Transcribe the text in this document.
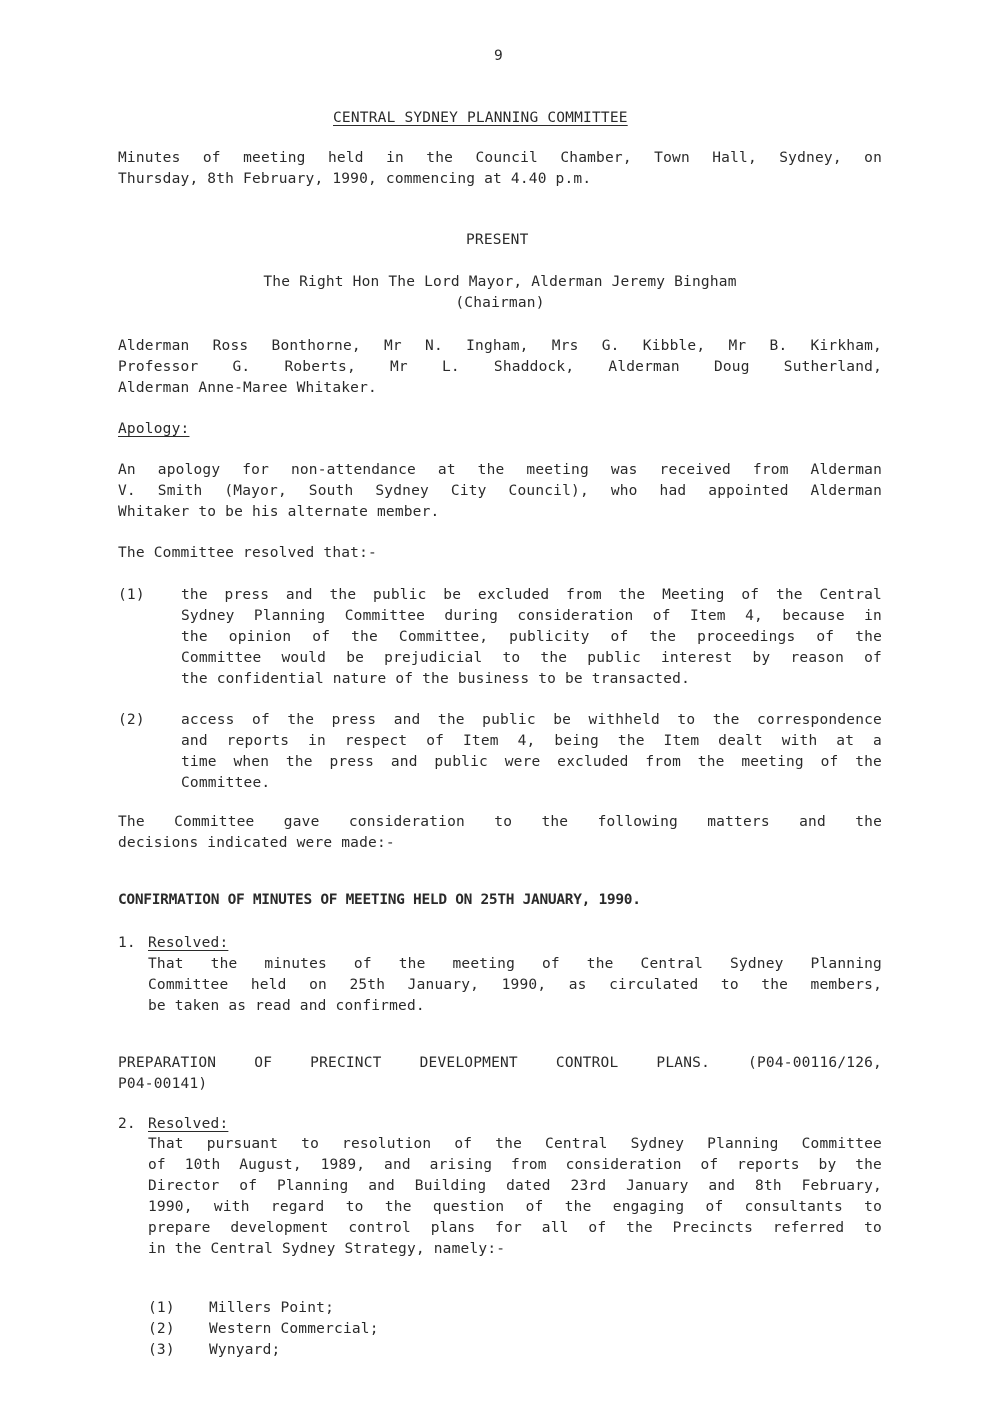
9
CENTRAL SYDNEY PLANNING COMMITTEE
Minutes of meeting held in the Council Chamber, Town Hall, Sydney, on
Thursday, 8th February, 1990, commencing at 4.40 p.m.
PRESENT
The Right Hon The Lord Mayor, Alderman Jeremy Bingham
(Chairman)
Alderman Ross Bonthorne, Mr N. Ingham, Mrs G. Kibble, Mr B. Kirkham,
Professor G. Roberts, Mr L. Shaddock, Alderman Doug Sutherland,
Alderman Anne-Maree Whitaker.
Apology:
An apology for non-attendance at the meeting was received from Alderman
V. Smith (Mayor, South Sydney City Council), who had appointed Alderman
Whitaker to be his alternate member.
The Committee resolved that:-
(1) the press and the public be excluded from the Meeting of the Central
Sydney Planning Committee during consideration of Item 4, because in
the opinion of the Committee, publicity of the proceedings of the
Committee would be prejudicial to the public interest by reason of
the confidential nature of the business to be transacted.
(2) access of the press and the public be withheld to the correspondence
and reports in respect of Item 4, being the Item dealt with at a
time when the press and public were excluded from the meeting of the
Committee.
The Committee gave consideration to the following matters and the
decisions indicated were made:-
CONFIRMATION OF MINUTES OF MEETING HELD ON 25TH JANUARY, 1990.
1. Resolved:
That the minutes of the meeting of the Central Sydney Planning
Committee held on 25th January, 1990, as circulated to the members,
be taken as read and confirmed.
PREPARATION OF PRECINCT DEVELOPMENT CONTROL PLANS. (P04-00116/126,
P04-00141)
2. Resolved:
That pursuant to resolution of the Central Sydney Planning Committee
of 10th August, 1989, and arising from consideration of reports by the
Director of Planning and Building dated 23rd January and 8th February,
1990, with regard to the question of the engaging of consultants to
prepare development control plans for all of the Precincts referred to
in the Central Sydney Strategy, namely:-
(1) Millers Point;
(2) Western Commercial;
(3) Wynyard;
